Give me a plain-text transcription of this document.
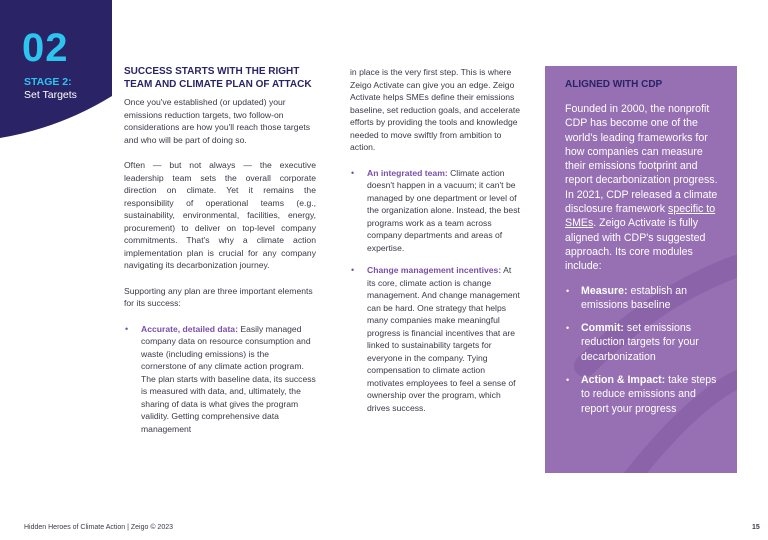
02
STAGE 2:
Set Targets
SUCCESS STARTS WITH THE RIGHT TEAM AND CLIMATE PLAN OF ATTACK

Once you've established (or updated) your emissions reduction targets, two follow-on considerations are how you'll reach those targets and who will be part of doing so.

Often — but not always — the executive leadership team sets the overall corporate direction on climate. Yet it remains the responsibility of operational teams (e.g., sustainability, environmental, facilities, energy, procurement) to deliver on top-level company commitments. That's why a climate action implementation plan is crucial for any company navigating its decarbonization journey.

Supporting any plan are three important elements for its success:

• Accurate, detailed data: Easily managed company data on resource consumption and waste (including emissions) is the cornerstone of any climate action program. The plan starts with baseline data, its success is measured with data, and, ultimately, the sharing of data is what gives the program validity. Getting comprehensive data management

in place is the very first step. This is where Zeigo Activate can give you an edge. Zeigo Activate helps SMEs define their emissions baseline, set reduction goals, and accelerate efforts by providing the tools and knowledge needed to move swiftly from ambition to action.

• An integrated team: Climate action doesn't happen in a vacuum; it can't be managed by one department or level of the organization alone. Instead, the best programs work as a team across company departments and areas of expertise.
• Change management incentives: At its core, climate action is change management. And change management can be hard. One strategy that helps many companies make meaningful progress is financial incentives that are linked to sustainability targets for everyone in the company. Tying compensation to climate action motivates employees to feel a sense of ownership over the program, which drives success.
ALIGNED WITH CDP
Founded in 2000, the nonprofit CDP has become one of the world's leading frameworks for how companies can measure their emissions footprint and report decarbonization progress. In 2021, CDP released a climate disclosure framework specific to SMEs. Zeigo Activate is fully aligned with CDP's suggested approach. Its core modules include:
• Measure: establish an emissions baseline
• Commit: set emissions reduction targets for your decarbonization
• Action & Impact: take steps to reduce emissions and report your progress
Hidden Heroes of Climate Action | Zeigo © 2023	15
